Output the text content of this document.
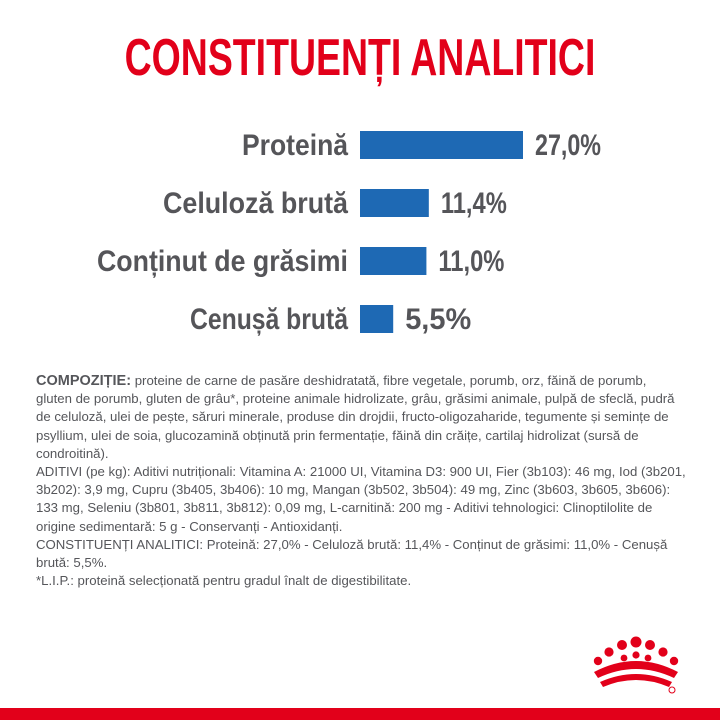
CONSTITUENȚI ANALITICI
Proteină	27,0%
Celuloză brută	11,4%
Conținut de grăsimi	11,0%
Cenușă brută 5,5%

COMPOZIȚIE: proteine de carne de pasăre deshidratată, fibre vegetale, porumb, orz, făină de porumb, gluten de porumb, gluten de grâu*, proteine animale hidrolizate, grâu, grăsimi animale, pulpă de sfeclă, pudră de celuloză, ulei de pește, săruri minerale, produse din drojdii, fructo-oligozaharide, tegumente și semințe de psyllium, ulei de soia, glucozamină obținută prin fermentație, făină din crăițe, cartilaj hidrolizat (sursă de condroitină).

ADITIVI (pe kg): Aditivi nutriționali: Vitamina A: 21000 UI, Vitamina D3: 900 UI, Fier (3b103): 46 mg, Iod (3b201, 3b202): 3,9 mg, Cupru (3b405, 3b406): 10 mg, Mangan (3b502, 3b504): 49 mg, Zinc (3b603, 3b605, 3b606): 133 mg, Seleniu (3b801, 3b811, 3b812): 0,09 mg, L-carnitină: 200 mg - Aditivi tehnologici: Clinoptilolite de origine sedimentară: 5 g - Conservanți - Antioxidanți.

CONSTITUENȚI ANALITICI: Proteină: 27,0% - Celuloză brută: 11,4% - Conținut de grăsimi: 11,0% - Cenușă brută: 5,5%.

*L.I.P.: proteină selecționată pentru gradul înalt de digestibilitate.
